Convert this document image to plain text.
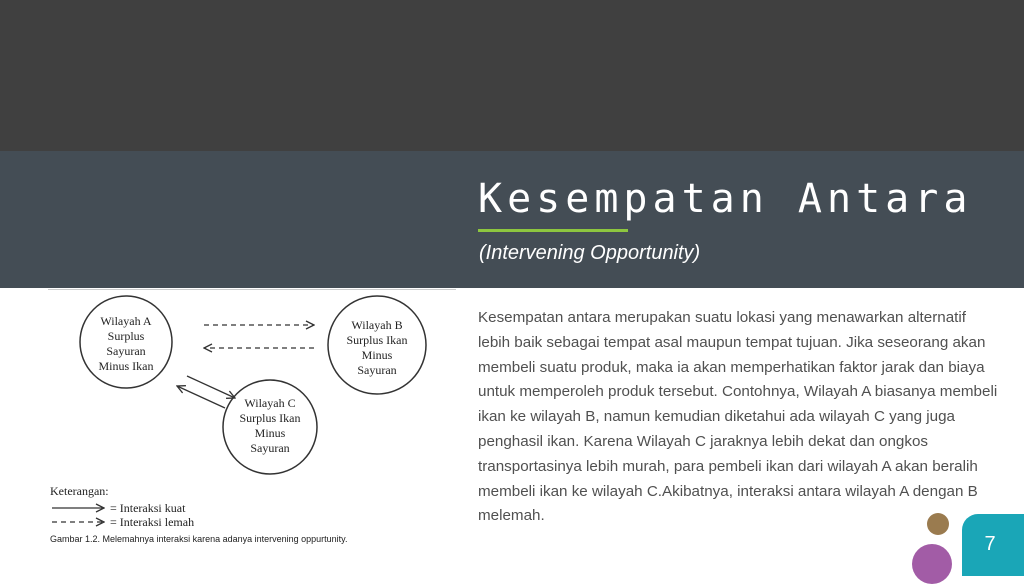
Kesempatan Antara
(Intervening Opportunity)
Wilayah A
Surplus
Sayuran
Minus Ikan
Wilayah B
Surplus Ikan
Minus
Sayuran
Wilayah C
Surplus Ikan
Minus
Sayuran
Keterangan:
= Interaksi kuat
= Interaksi lemah
Gambar 1.2. Melemahnya interaksi karena adanya intervening oppurtunity.
Kesempatan antara merupakan suatu lokasi yang menawarkan alternatif lebih baik sebagai tempat asal maupun tempat tujuan. Jika seseorang akan membeli suatu produk, maka ia akan memperhatikan faktor jarak dan biaya untuk memperoleh produk tersebut. Contohnya, Wilayah A biasanya membeli ikan ke wilayah B, namun kemudian diketahui ada wilayah C yang juga penghasil ikan. Karena Wilayah C jaraknya lebih dekat dan ongkos transportasinya lebih murah, para pembeli ikan dari wilayah A akan beralih membeli ikan ke wilayah C.Akibatnya, interaksi antara wilayah A dengan B melemah.
7
